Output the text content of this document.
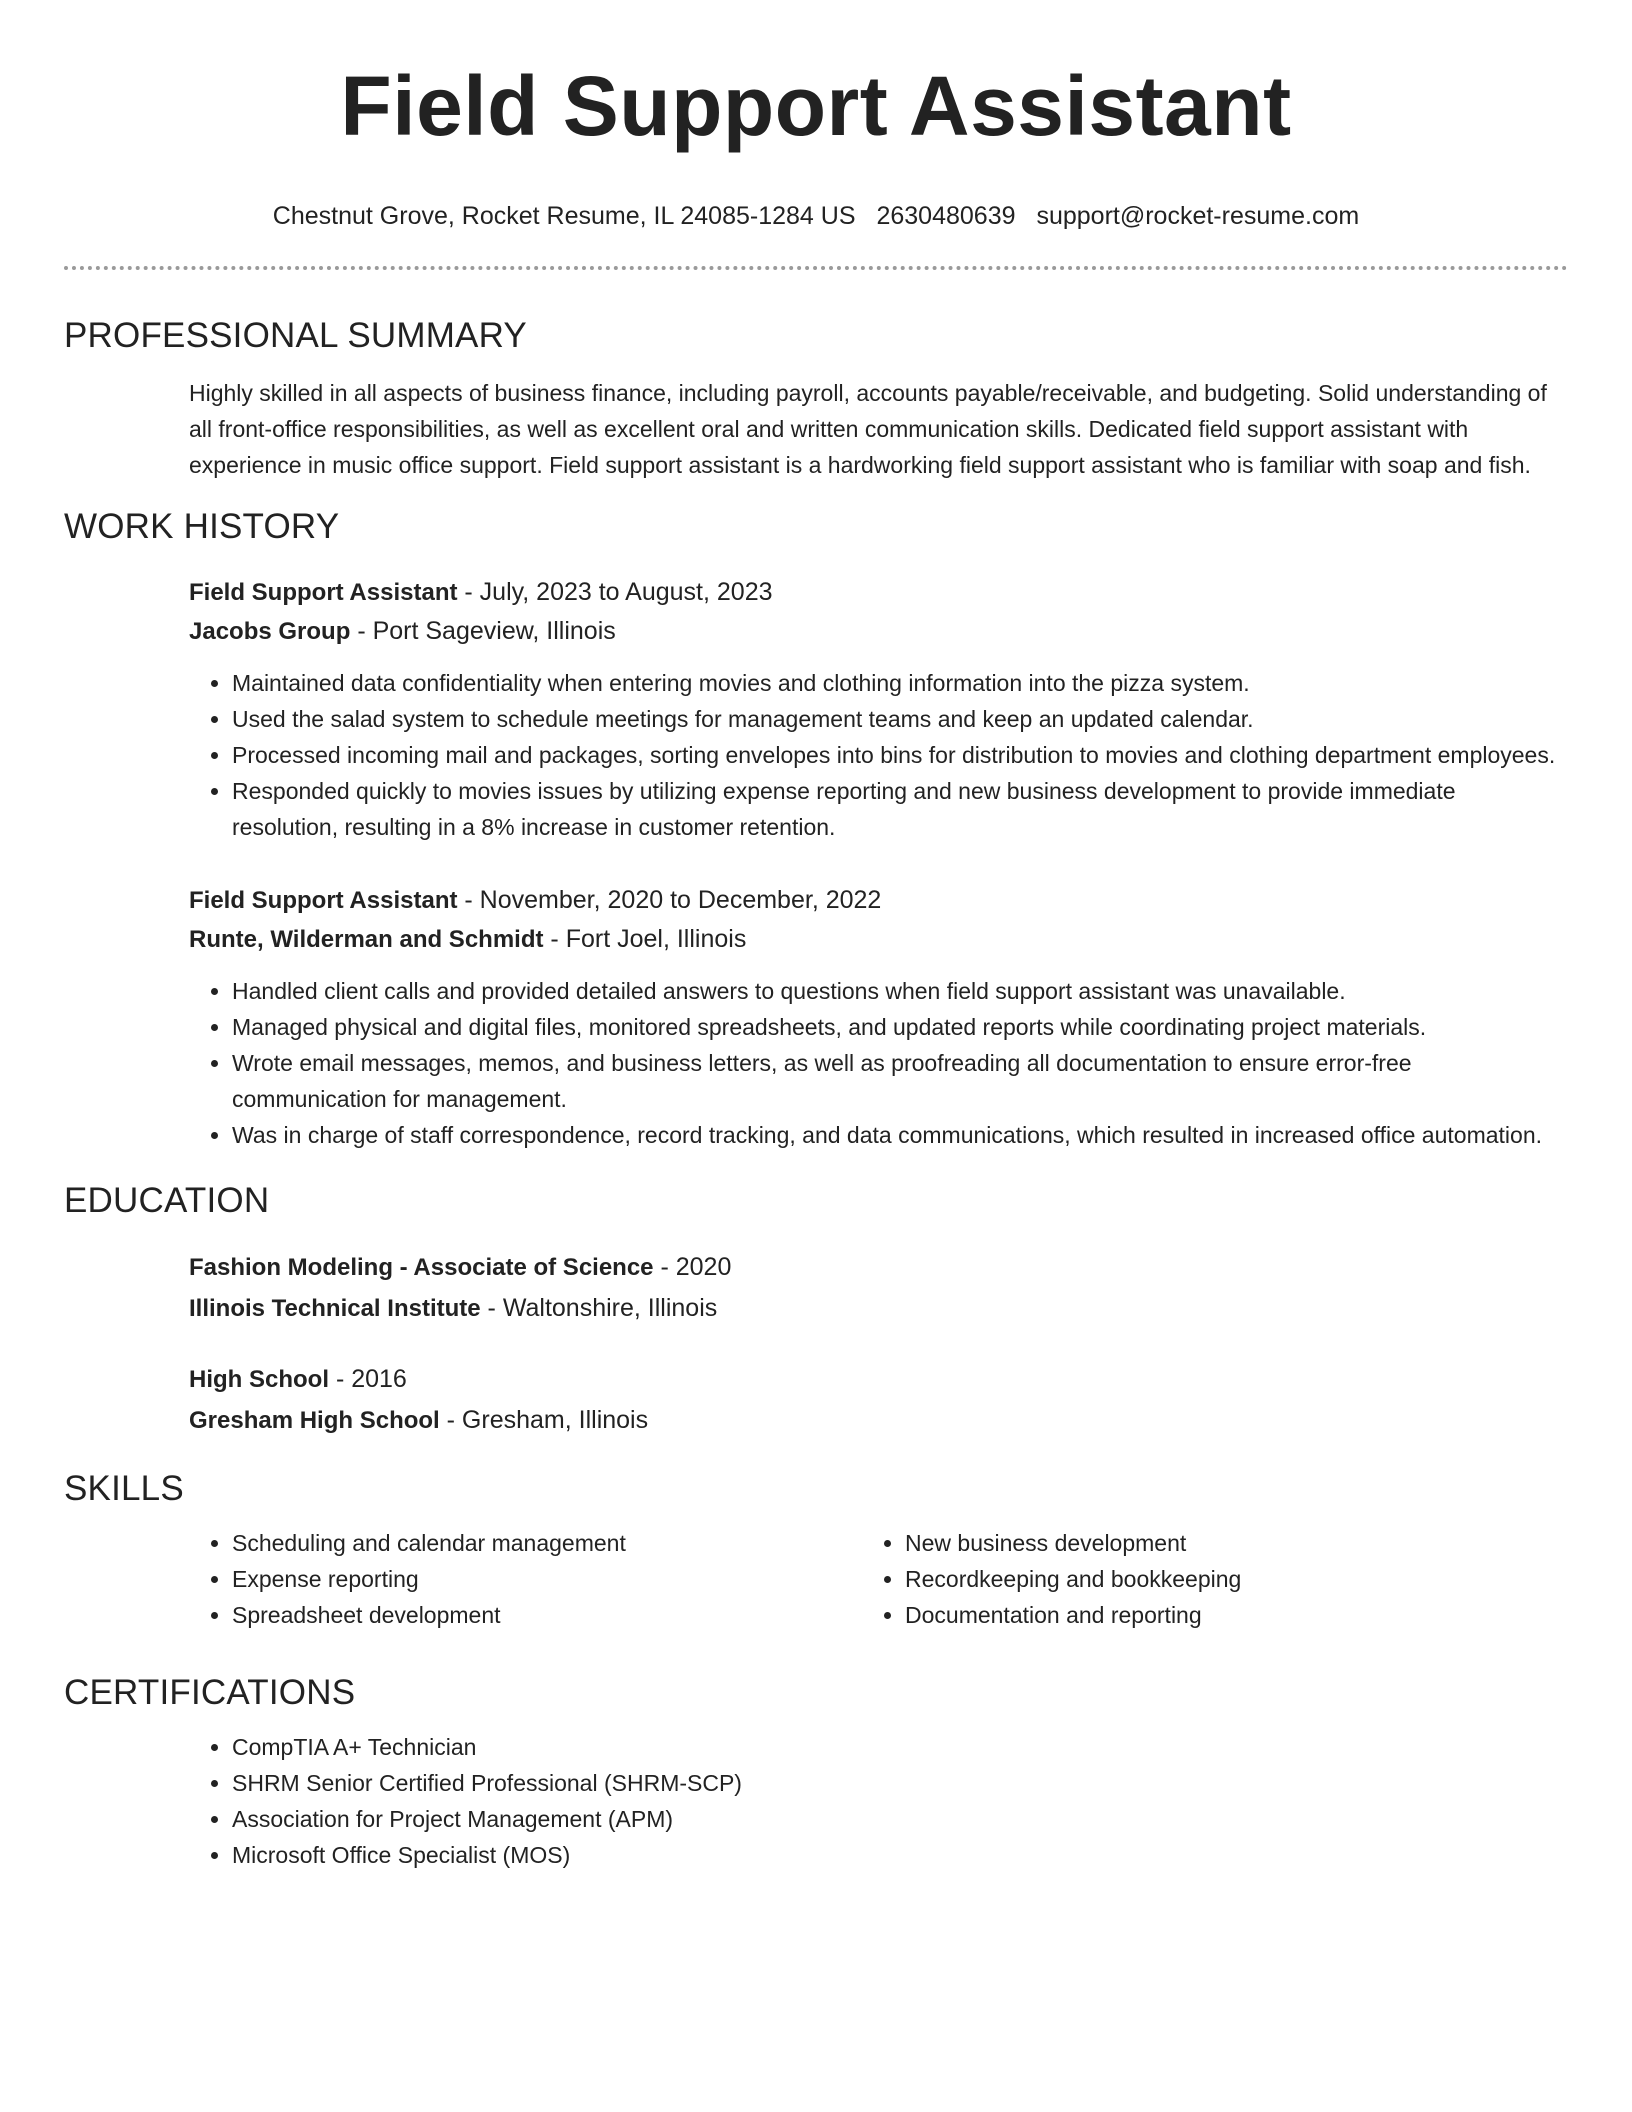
Field Support Assistant
Chestnut Grove, Rocket Resume, IL 24085-1284 US 2630480639 support@rocket-resume.com
PROFESSIONAL SUMMARY

Highly skilled in all aspects of business finance, including payroll, accounts payable/receivable, and budgeting. Solid understanding of all front-office responsibilities, as well as excellent oral and written communication skills. Dedicated field support assistant with experience in music office support. Field support assistant is a hardworking field support assistant who is familiar with soap and fish.

WORK HISTORY
Field Support Assistant - July, 2023 to August, 2023
Jacobs Group - Port Sageview, Illinois
• Maintained data confidentiality when entering movies and clothing information into the pizza system.
• Used the salad system to schedule meetings for management teams and keep an updated calendar.
• Processed incoming mail and packages, sorting envelopes into bins for distribution to movies and clothing department employees.
• Responded quickly to movies issues by utilizing expense reporting and new business development to provide immediate resolution, resulting in a 8% increase in customer retention.
Field Support Assistant - November, 2020 to December, 2022
Runte, Wilderman and Schmidt - Fort Joel, Illinois
• Handled client calls and provided detailed answers to questions when field support assistant was unavailable.
• Managed physical and digital files, monitored spreadsheets, and updated reports while coordinating project materials.
• Wrote email messages, memos, and business letters, as well as proofreading all documentation to ensure error-free communication for management.
• Was in charge of staff correspondence, record tracking, and data communications, which resulted in increased office automation.
EDUCATION
Fashion Modeling - Associate of Science - 2020
Illinois Technical Institute - Waltonshire, Illinois
High School - 2016
Gresham High School - Gresham, Illinois
SKILLS
• Scheduling and calendar management
• Expense reporting
• Spreadsheet development
• New business development
• Recordkeeping and bookkeeping
• Documentation and reporting
CERTIFICATIONS
• CompTIA A+ Technician
• SHRM Senior Certified Professional (SHRM-SCP)
• Association for Project Management (APM)
• Microsoft Office Specialist (MOS)
